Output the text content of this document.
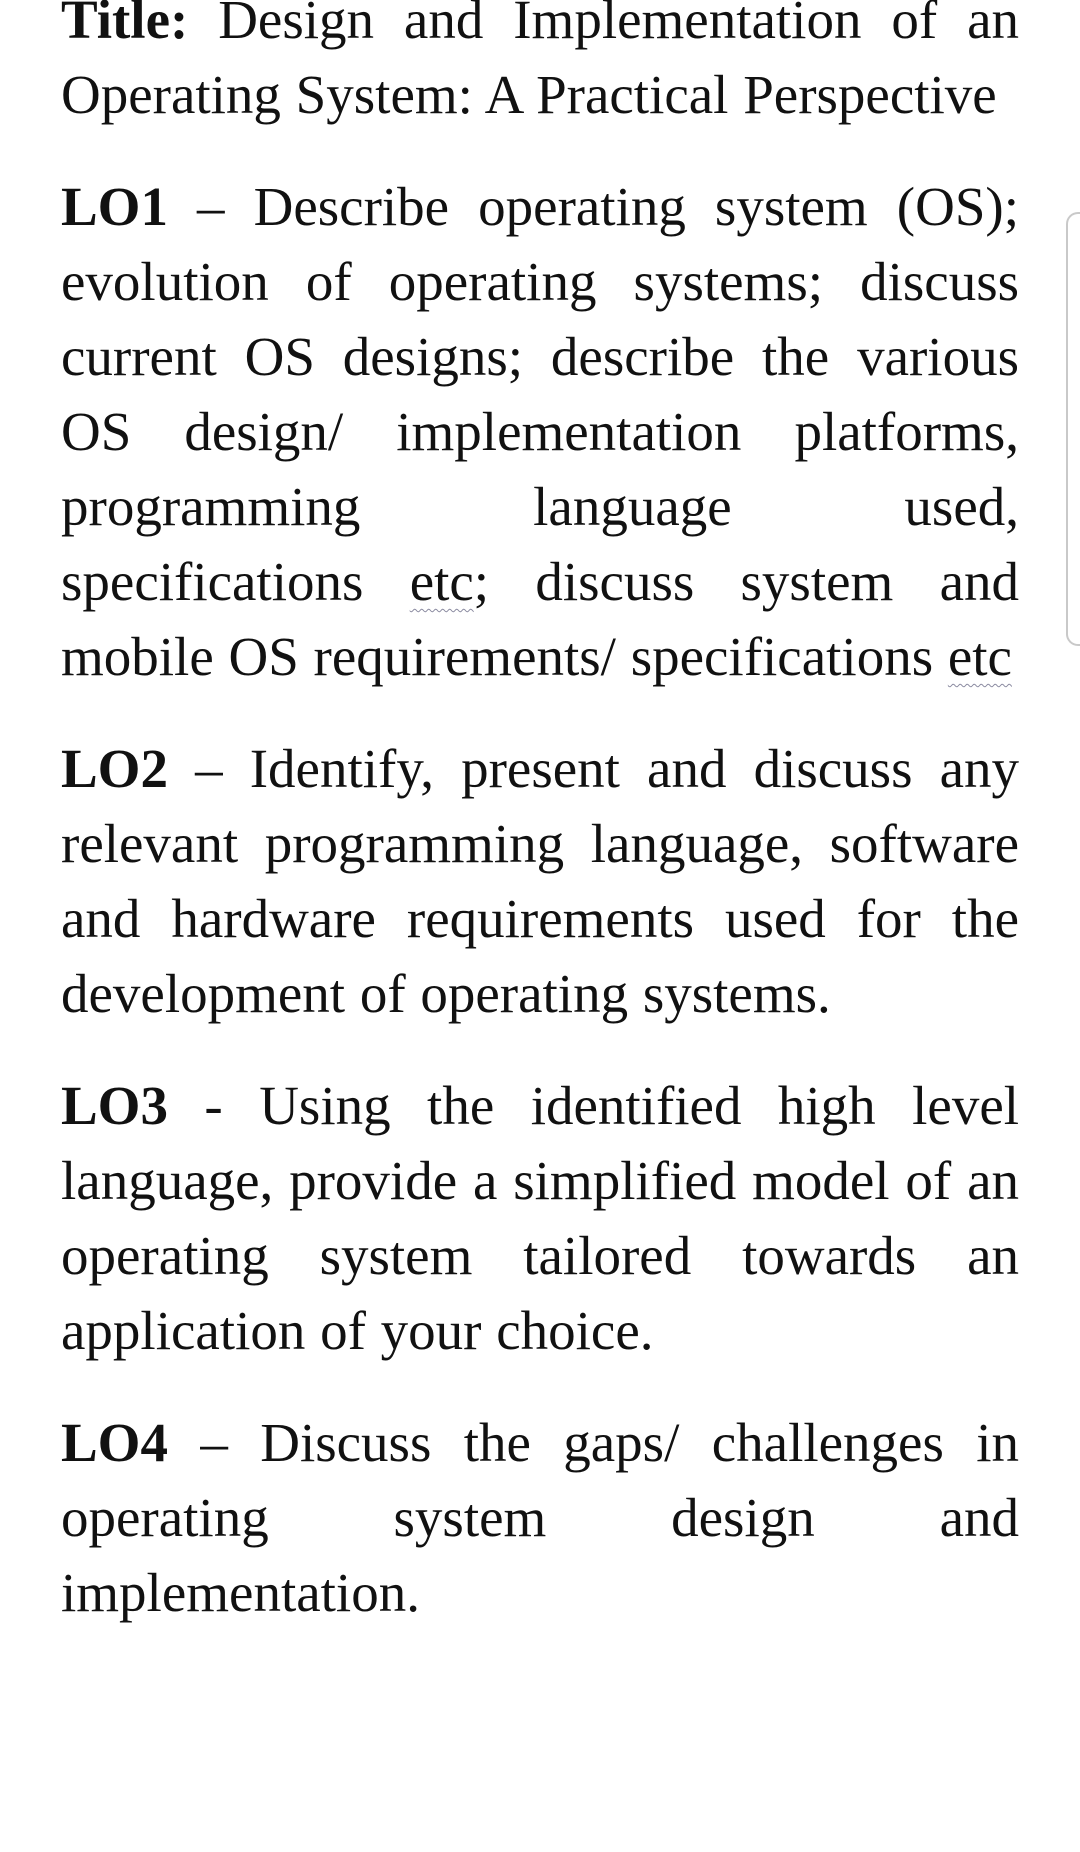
Title: Design and Implementation of an Operating System: A Practical Perspective

LO1 – Describe operating system (OS); evolution of operating systems; discuss current OS designs; describe the various OS design/ implementation platforms, programming language used, specifications etc; discuss system and mobile OS requirements/ specifications etc

LO2 – Identify, present and discuss any relevant programming language, software and hardware requirements used for the development of operating systems.

LO3 - Using the identified high level language, provide a simplified model of an operating system tailored towards an application of your choice.

LO4 – Discuss the gaps/ challenges in operating system design and implementation.
